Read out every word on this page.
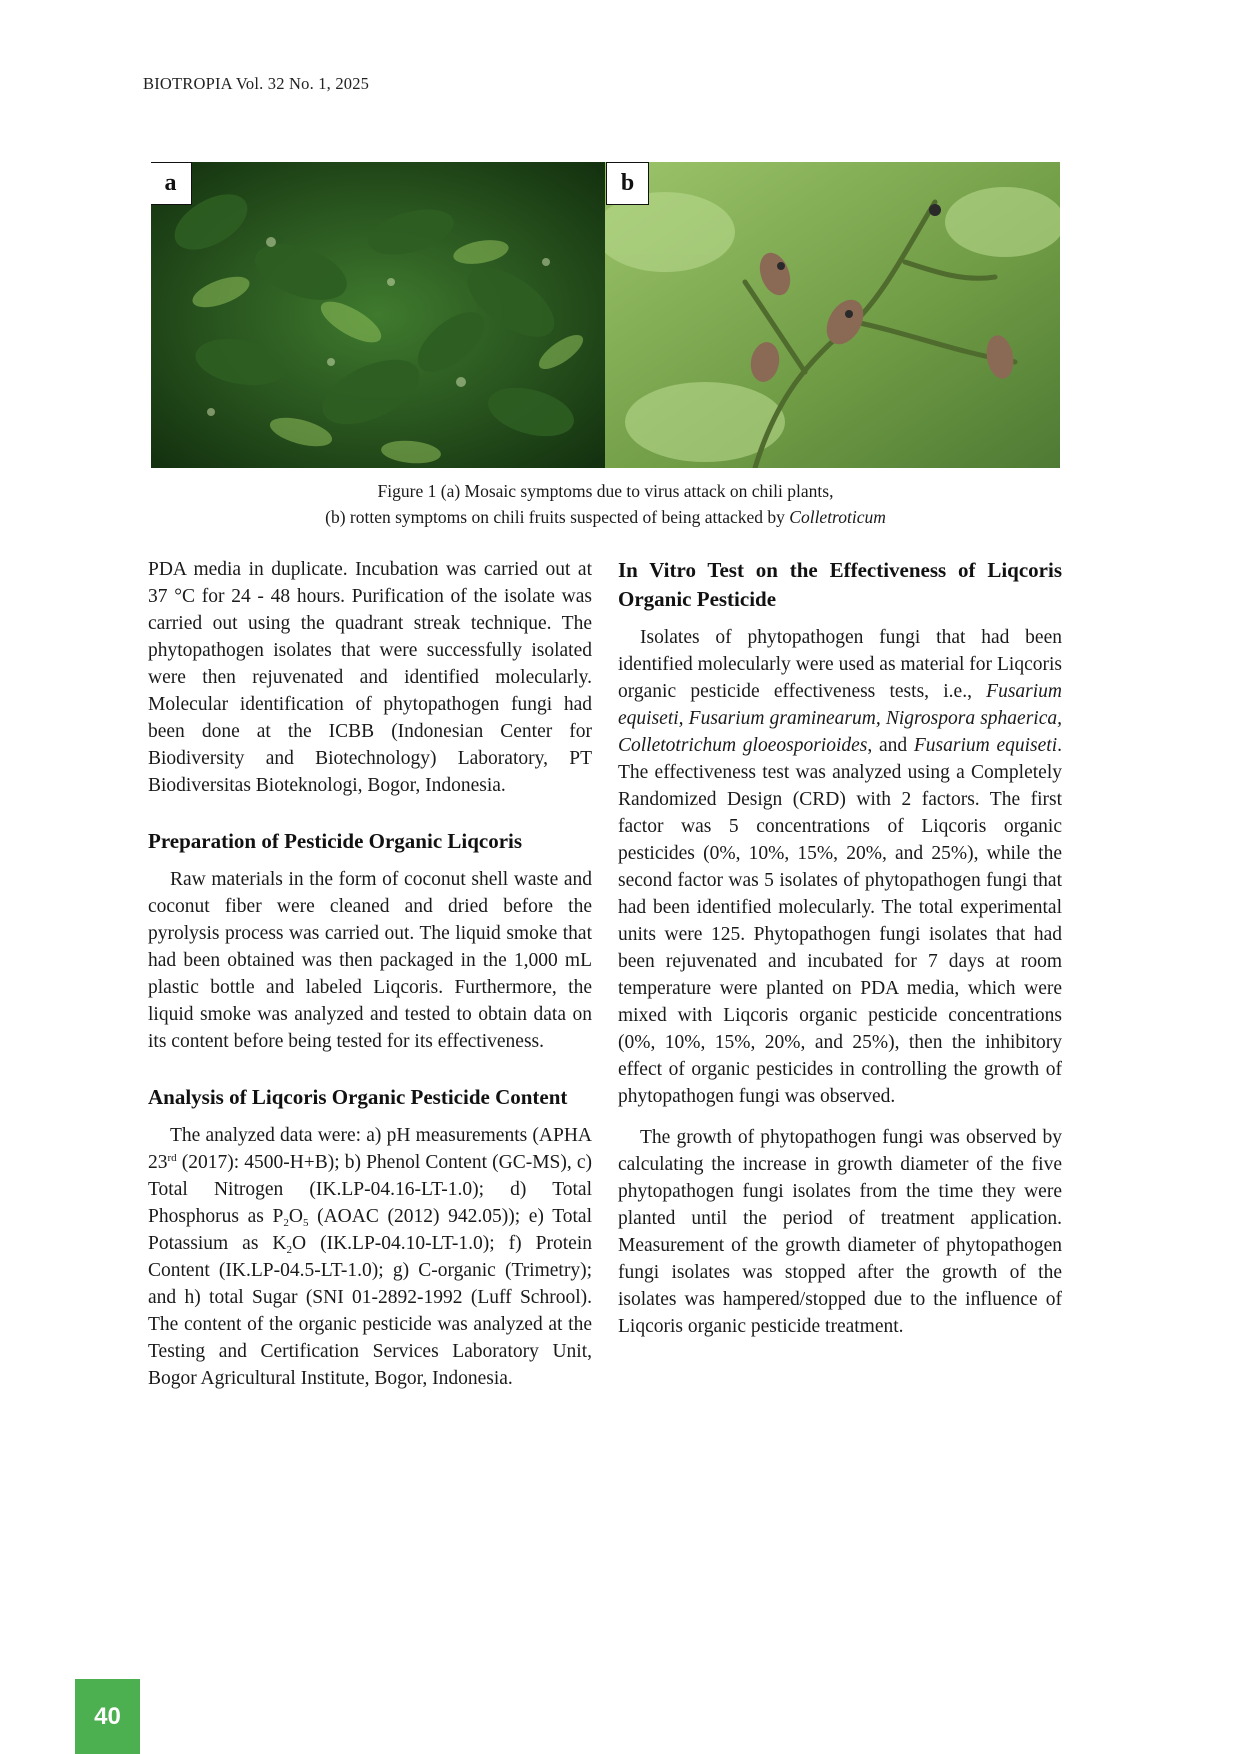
BIOTROPIA Vol. 32 No. 1, 2025
a	b
Figure 1 (a) Mosaic symptoms due to virus attack on chili plants,
(b) rotten symptoms on chili fruits suspected of being attacked by Colletroticum

PDA media in duplicate. Incubation was carried out at 37 °C for 24 - 48 hours. Purification of the isolate was carried out using the quadrant streak technique. The phytopathogen isolates that were successfully isolated were then rejuvenated and identified molecularly. Molecular identification of phytopathogen fungi had been done at the ICBB (Indonesian Center for Biodiversity and Biotechnology) Laboratory, PT Biodiversitas Bioteknologi, Bogor, Indonesia.

Preparation of Pesticide Organic Liqcoris

Raw materials in the form of coconut shell waste and coconut fiber were cleaned and dried before the pyrolysis process was carried out. The liquid smoke that had been obtained was then packaged in the 1,000 mL plastic bottle and labeled Liqcoris. Furthermore, the liquid smoke was analyzed and tested to obtain data on its content before being tested for its effectiveness.

Analysis of Liqcoris Organic Pesticide Content

The analyzed data were: a) pH measurements (APHA 23rd (2017): 4500-H+B); b) Phenol Content (GC-MS), c) Total Nitrogen (IK.LP-04.16-LT-1.0); d) Total Phosphorus as $P_2O_5$ (AOAC (2012) 942.05)); e) Total Potassium as $K_2O$ (IK.LP-04.10-LT-1.0); f) Protein Content (IK.LP-04.5-LT-1.0); g) C-organic (Trimetry); and h) total Sugar (SNI 01-2892-1992 (Luff Schrool). The content of the organic pesticide was analyzed at the Testing and Certification Services Laboratory Unit, Bogor Agricultural Institute, Bogor, Indonesia.

In Vitro Test on the Effectiveness of Liqcoris Organic Pesticide

Isolates of phytopathogen fungi that had been identified molecularly were used as material for Liqcoris organic pesticide effectiveness tests, i.e., Fusarium equiseti, Fusarium graminearum, Nigrospora sphaerica, Colletotrichum gloeosporioides, and Fusarium equiseti. The effectiveness test was analyzed using a Completely Randomized Design (CRD) with 2 factors. The first factor was 5 concentrations of Liqcoris organic pesticides (0%, 10%, 15%, 20%, and 25%), while the second factor was 5 isolates of phytopathogen fungi that had been identified molecularly. The total experimental units were 125. Phytopathogen fungi isolates that had been rejuvenated and incubated for 7 days at room temperature were planted on PDA media, which were mixed with Liqcoris organic pesticide concentrations (0%, 10%, 15%, 20%, and 25%), then the inhibitory effect of organic pesticides in controlling the growth of phytopathogen fungi was observed.

The growth of phytopathogen fungi was observed by calculating the increase in growth diameter of the five phytopathogen fungi isolates from the time they were planted until the period of treatment application. Measurement of the growth diameter of phytopathogen fungi isolates was stopped after the growth of the isolates was hampered/stopped due to the influence of Liqcoris organic pesticide treatment.

40
